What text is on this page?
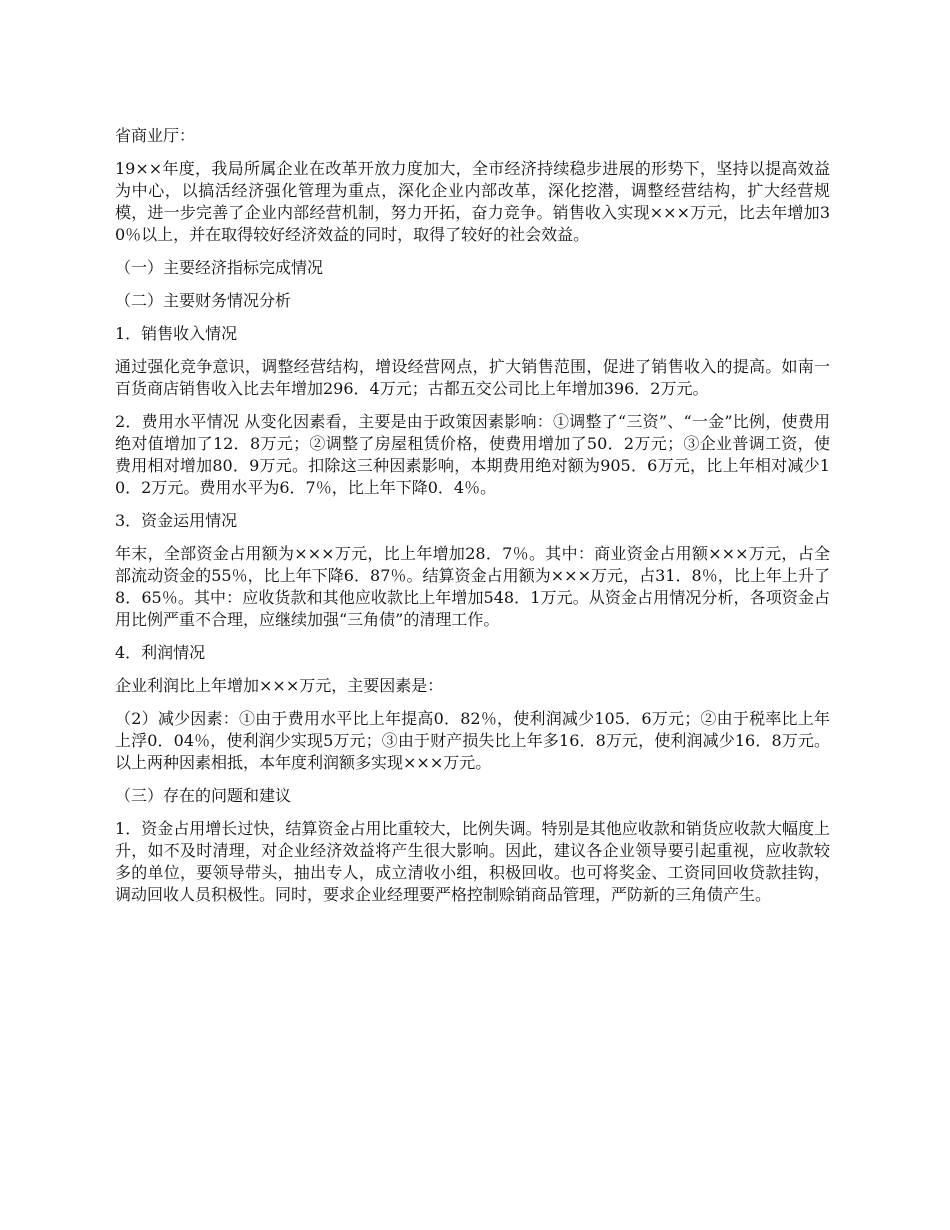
省商业厅：

19××年度，我局所属企业在改革开放力度加大，全市经济持续稳步进展的形势下，坚持以提高效益为中心，以搞活经济强化管理为重点，深化企业内部改革，深化挖潜，调整经营结构，扩大经营规模，进一步完善了企业内部经营机制，努力开拓，奋力竞争。销售收入实现×××万元，比去年增加30％以上，并在取得较好经济效益的同时，取得了较好的社会效益。

（一）主要经济指标完成情况

（二）主要财务情况分析

1．销售收入情况

通过强化竞争意识，调整经营结构，增设经营网点，扩大销售范围，促进了销售收入的提高。如南一百货商店销售收入比去年增加296．4万元；古都五交公司比上年增加396．2万元。

2．费用水平情况 从变化因素看，主要是由于政策因素影响：①调整了“三资”、“一金”比例，使费用绝对值增加了12．8万元；②调整了房屋租赁价格，使费用增加了50．2万元；③企业普调工资，使费用相对增加80．9万元。扣除这三种因素影响，本期费用绝对额为905．6万元，比上年相对减少10．2万元。费用水平为6．7％，比上年下降0．4％。

3．资金运用情况

年末，全部资金占用额为×××万元，比上年增加28．7％。其中：商业资金占用额×××万元，占全部流动资金的55％，比上年下降6．87％。结算资金占用额为×××万元，占31．8％，比上年上升了8．65％。其中：应收货款和其他应收款比上年增加548．1万元。从资金占用情况分析，各项资金占用比例严重不合理，应继续加强“三角债”的清理工作。

4．利润情况

企业利润比上年增加×××万元，主要因素是：

（2）减少因素：①由于费用水平比上年提高0．82％，使利润减少105．6万元；②由于税率比上年上浮0．04％，使利润少实现5万元；③由于财产损失比上年多16．8万元，使利润减少16．8万元。以上两种因素相抵，本年度利润额多实现×××万元。

（三）存在的问题和建议

1．资金占用增长过快，结算资金占用比重较大，比例失调。特别是其他应收款和销货应收款大幅度上升，如不及时清理，对企业经济效益将产生很大影响。因此，建议各企业领导要引起重视，应收款较多的单位，要领导带头，抽出专人，成立清收小组，积极回收。也可将奖金、工资同回收贷款挂钩，调动回收人员积极性。同时，要求企业经理要严格控制赊销商品管理，严防新的三角债产生。
